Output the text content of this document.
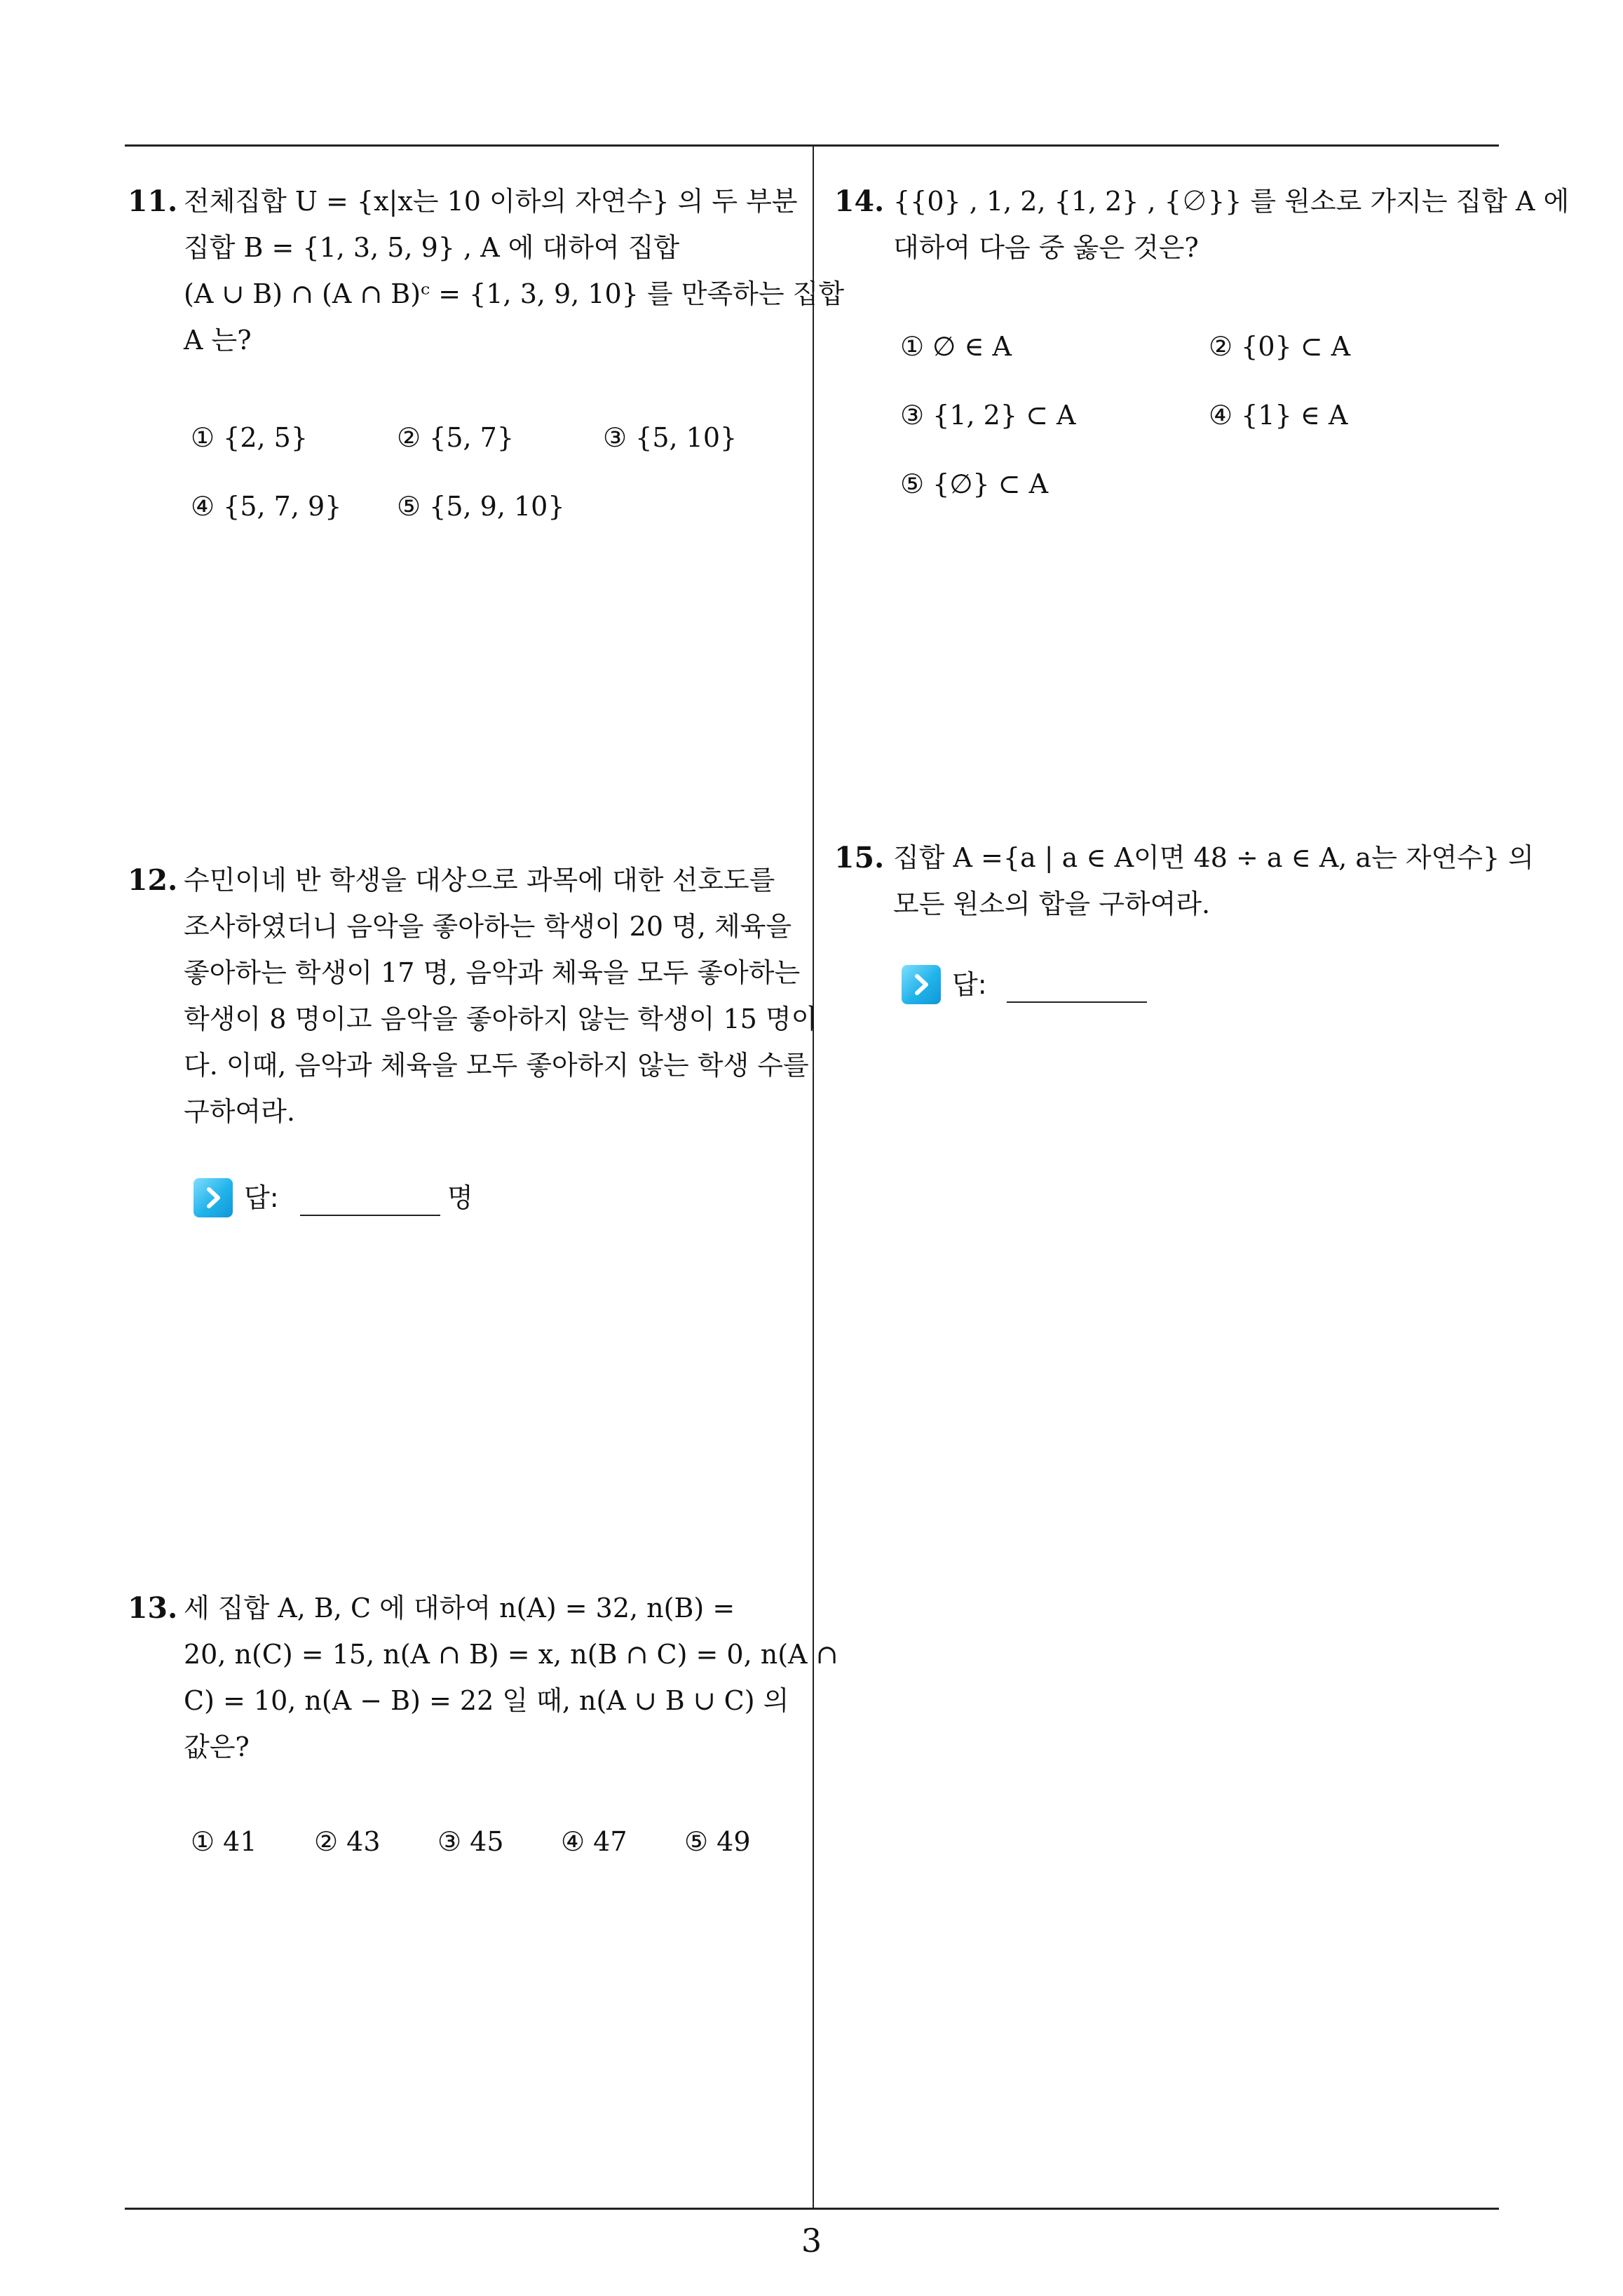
11. 전체집합 U = {x|x는 10 이하의 자연수} 의 두 부분
집합 B = {1, 3, 5, 9} , A 에 대하여 집합
(A ∪ B) ∩ (A ∩ B)ᶜ = {1, 3, 9, 10} 를 만족하는 집합
A 는?
① {2, 5}	② {5, 7}	③ {5, 10}
④ {5, 7, 9} ⑤ {5, 9, 10}
12. 수민이네 반 학생을 대상으로 과목에 대한 선호도를
조사하였더니 음악을 좋아하는 학생이 20 명, 체육을
좋아하는 학생이 17 명, 음악과 체육을 모두 좋아하는
학생이 8 명이고 음악을 좋아하지 않는 학생이 15 명이
다. 이때, 음악과 체육을 모두 좋아하지 않는 학생 수를
구하여라.
답:	명
13. 세 집합 A, B, C 에 대하여 n(A) = 32, n(B) =
20, n(C) = 15, n(A ∩ B) = x, n(B ∩ C) = 0, n(A ∩
C) = 10, n(A − B) = 22 일 때, n(A ∪ B ∪ C) 의
값은?
① 41 ② 43 ③ 45 ④ 47 ⑤ 49
14. {{0} , 1, 2, {1, 2} , {∅}} 를 원소로 가지는 집합 A 에
대하여 다음 중 옳은 것은?
① ∅ ∈ A	② {0} ⊂ A
③ {1, 2} ⊂ A	④ {1} ∈ A
⑤ {∅} ⊂ A
15. 집합 A ={a | a ∈ A이면 48 ÷ a ∈ A, a는 자연수} 의
모든 원소의 합을 구하여라.
답:
3
